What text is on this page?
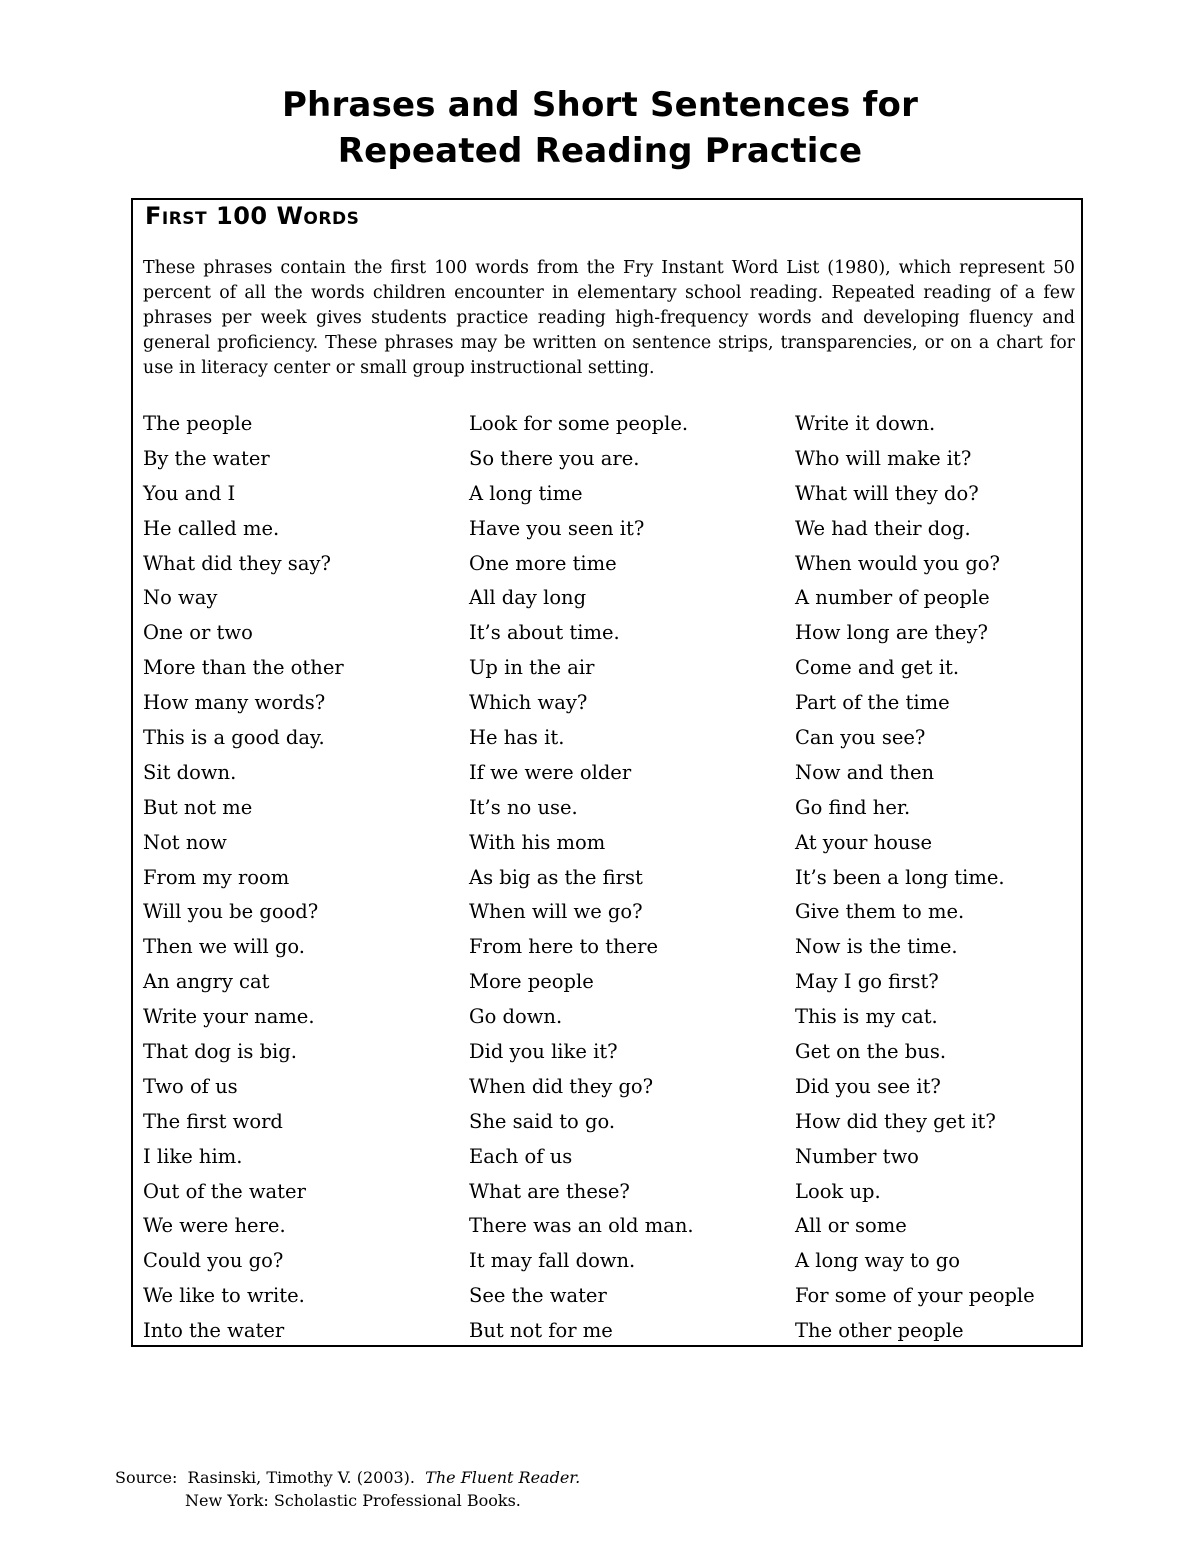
Phrases and Short Sentences for
Repeated Reading Practice
First 100 Words

These phrases contain the first 100 words from the Fry Instant Word List (1980), which represent 50 percent of all the words children encounter in elementary school reading. Repeated reading of a few phrases per week gives students practice reading high-frequency words and developing fluency and general proficiency. These phrases may be written on sentence strips, transparencies, or on a chart for use in literacy center or small group instructional setting.

The people
By the water
You and I
He called me.
What did they say?
No way
One or two
More than the other
How many words?
This is a good day.
Sit down.
But not me
Not now
From my room
Will you be good?
Then we will go.
An angry cat
Write your name.
That dog is big.
Two of us
The first word
I like him.
Out of the water
We were here.
Could you go?
We like to write.
Into the water
Look for some people.
So there you are.
A long time
Have you seen it?
One more time
All day long
It’s about time.
Up in the air
Which way?
He has it.
If we were older
It’s no use.
With his mom
As big as the first
When will we go?
From here to there
More people
Go down.
Did you like it?
When did they go?
She said to go.
Each of us
What are these?
There was an old man.
It may fall down.
See the water
But not for me
Write it down.
Who will make it?
What will they do?
We had their dog.
When would you go?
A number of people
How long are they?
Come and get it.
Part of the time
Can you see?
Now and then
Go find her.
At your house
It’s been a long time.
Give them to me.
Now is the time.
May I go first?
This is my cat.
Get on the bus.
Did you see it?
How did they get it?
Number two
Look up.
All or some
A long way to go
For some of your people
The other people
Source: Rasinski, Timothy V. (2003). The Fluent Reader.
New York: Scholastic Professional Books.
